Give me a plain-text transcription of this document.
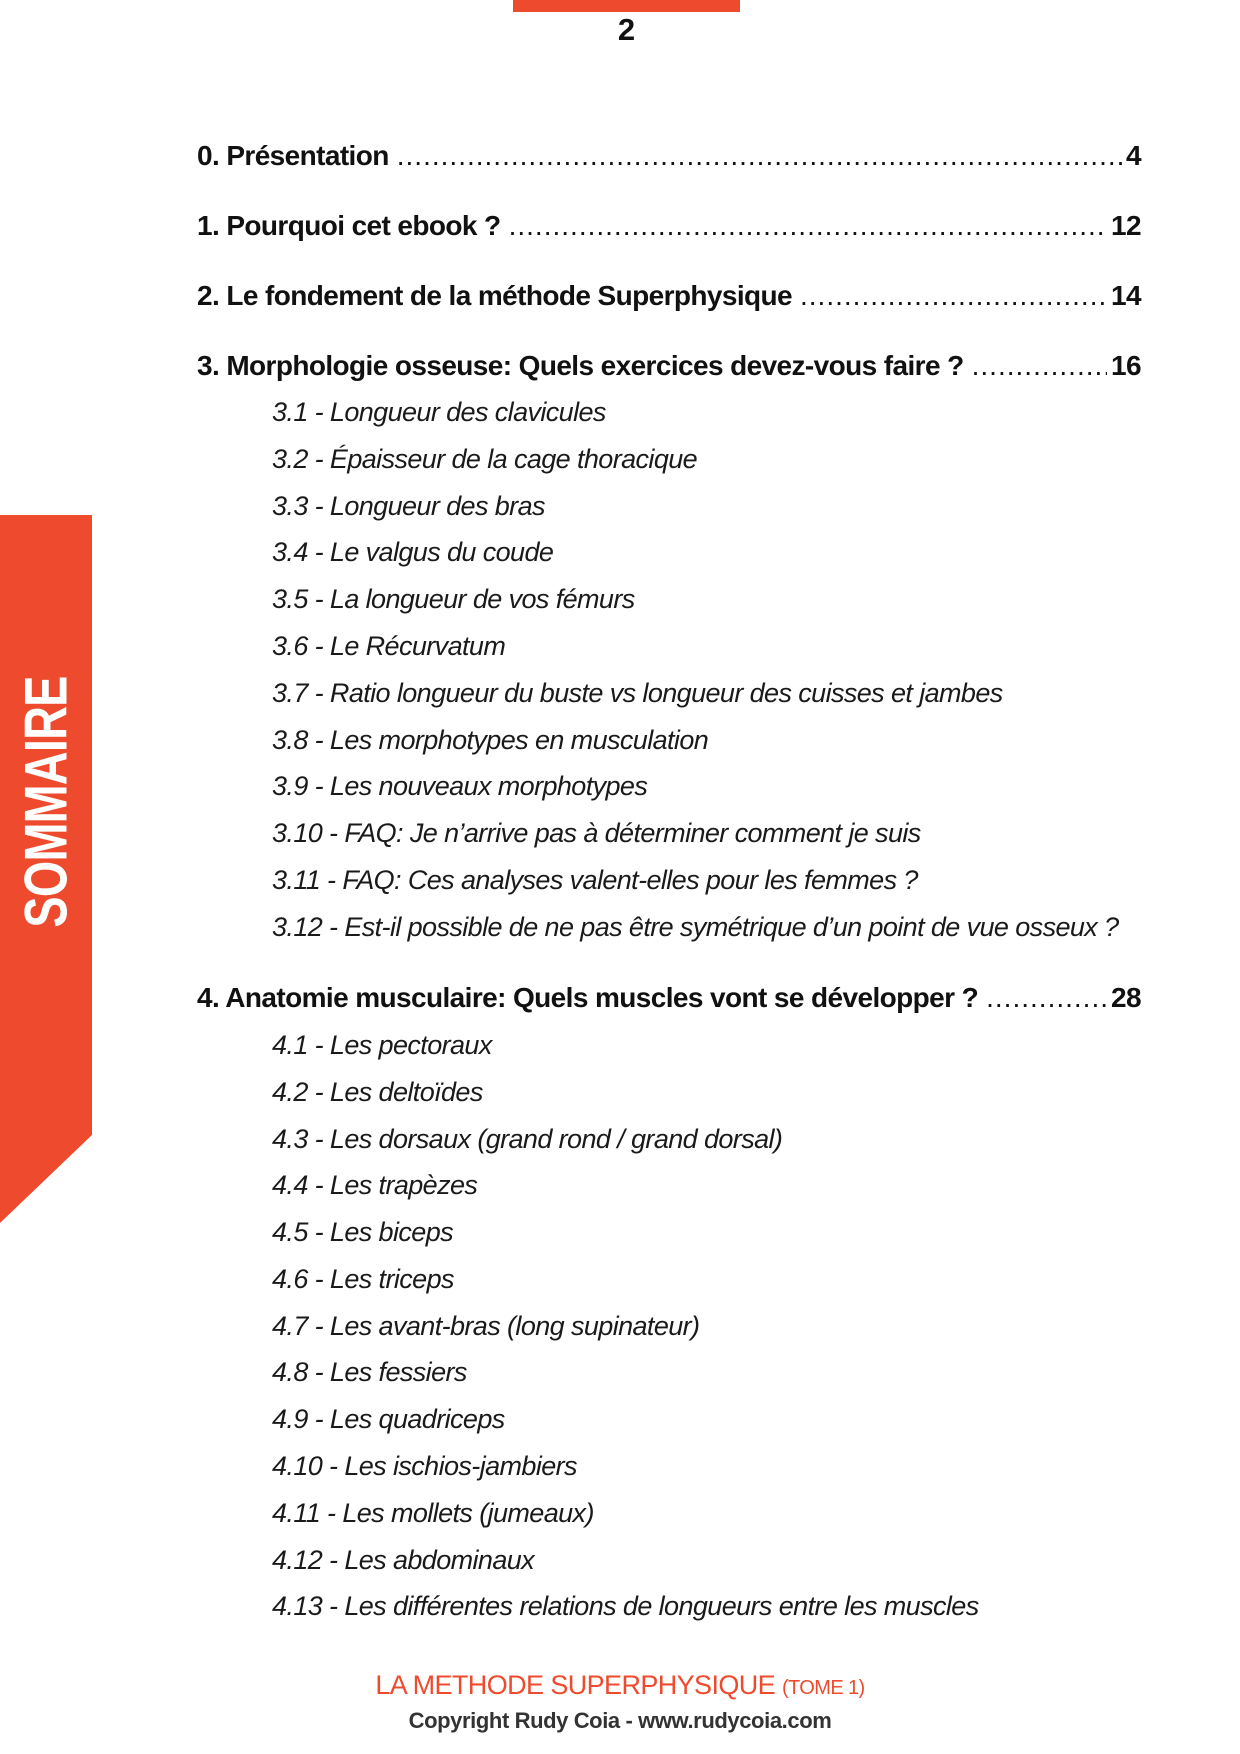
2
SOMMAIRE
0. Présentation .....	4
1. Pourquoi cet ebook ? .....	12
2. Le fondement de la méthode Superphysique .....	14
3. Morphologie osseuse: Quels exercices devez-vous faire ? .....	16
3.1 - Longueur des clavicules
3.2 - Épaisseur de la cage thoracique
3.3 - Longueur des bras
3.4 - Le valgus du coude
3.5 - La longueur de vos fémurs
3.6 - Le Récurvatum
3.7 - Ratio longueur du buste vs longueur des cuisses et jambes
3.8 - Les morphotypes en musculation
3.9 - Les nouveaux morphotypes
3.10 - FAQ: Je n’arrive pas à déterminer comment je suis
3.11 - FAQ: Ces analyses valent-elles pour les femmes ?
3.12 - Est-il possible de ne pas être symétrique d’un point de vue osseux ?
4. Anatomie musculaire: Quels muscles vont se développer ? .....	28
4.1 - Les pectoraux
4.2 - Les deltoïdes
4.3 - Les dorsaux (grand rond / grand dorsal)
4.4 - Les trapèzes
4.5 - Les biceps
4.6 - Les triceps
4.7 - Les avant-bras (long supinateur)
4.8 - Les fessiers
4.9 - Les quadriceps
4.10 - Les ischios-jambiers
4.11 - Les mollets (jumeaux)
4.12 - Les abdominaux
4.13 - Les différentes relations de longueurs entre les muscles
LA METHODE SUPERPHYSIQUE (TOME 1)
Copyright Rudy Coia - www.rudycoia.com
